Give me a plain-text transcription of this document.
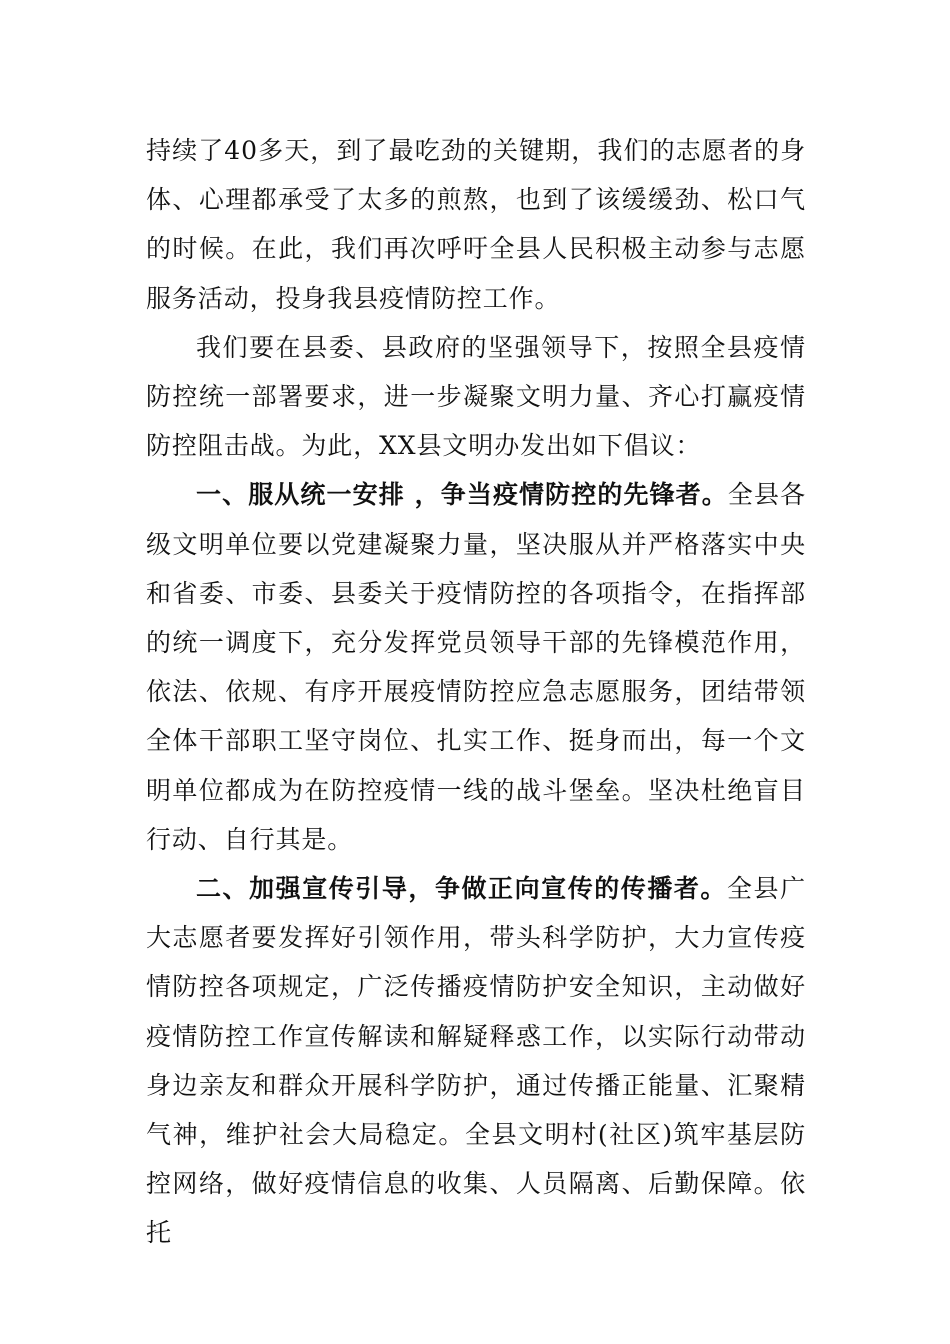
持续了40多天，到了最吃劲的关键期，我们的志愿者的身体、心理都承受了太多的煎熬，也到了该缓缓劲、松口气的时候。在此，我们再次呼吁全县人民积极主动参与志愿服务活动，投身我县疫情防控工作。

我们要在县委、县政府的坚强领导下，按照全县疫情防控统一部署要求，进一步凝聚文明力量、齐心打赢疫情防控阻击战。为此，XX县文明办发出如下倡议：

一、服从统一安排 ，争当疫情防控的先锋者。全县各级文明单位要以党建凝聚力量，坚决服从并严格落实中央和省委、市委、县委关于疫情防控的各项指令，在指挥部的统一调度下，充分发挥党员领导干部的先锋模范作用，依法、依规、有序开展疫情防控应急志愿服务，团结带领全体干部职工坚守岗位、扎实工作、挺身而出，每一个文明单位都成为在防控疫情一线的战斗堡垒。坚决杜绝盲目行动、自行其是。

二、加强宣传引导，争做正向宣传的传播者。全县广大志愿者要发挥好引领作用，带头科学防护，大力宣传疫情防控各项规定，广泛传播疫情防护安全知识，主动做好疫情防控工作宣传解读和解疑释惑工作，以实际行动带动身边亲友和群众开展科学防护，通过传播正能量、汇聚精气神，维护社会大局稳定。全县文明村(社区)筑牢基层防控网络，做好疫情信息的收集、人员隔离、后勤保障。依托
